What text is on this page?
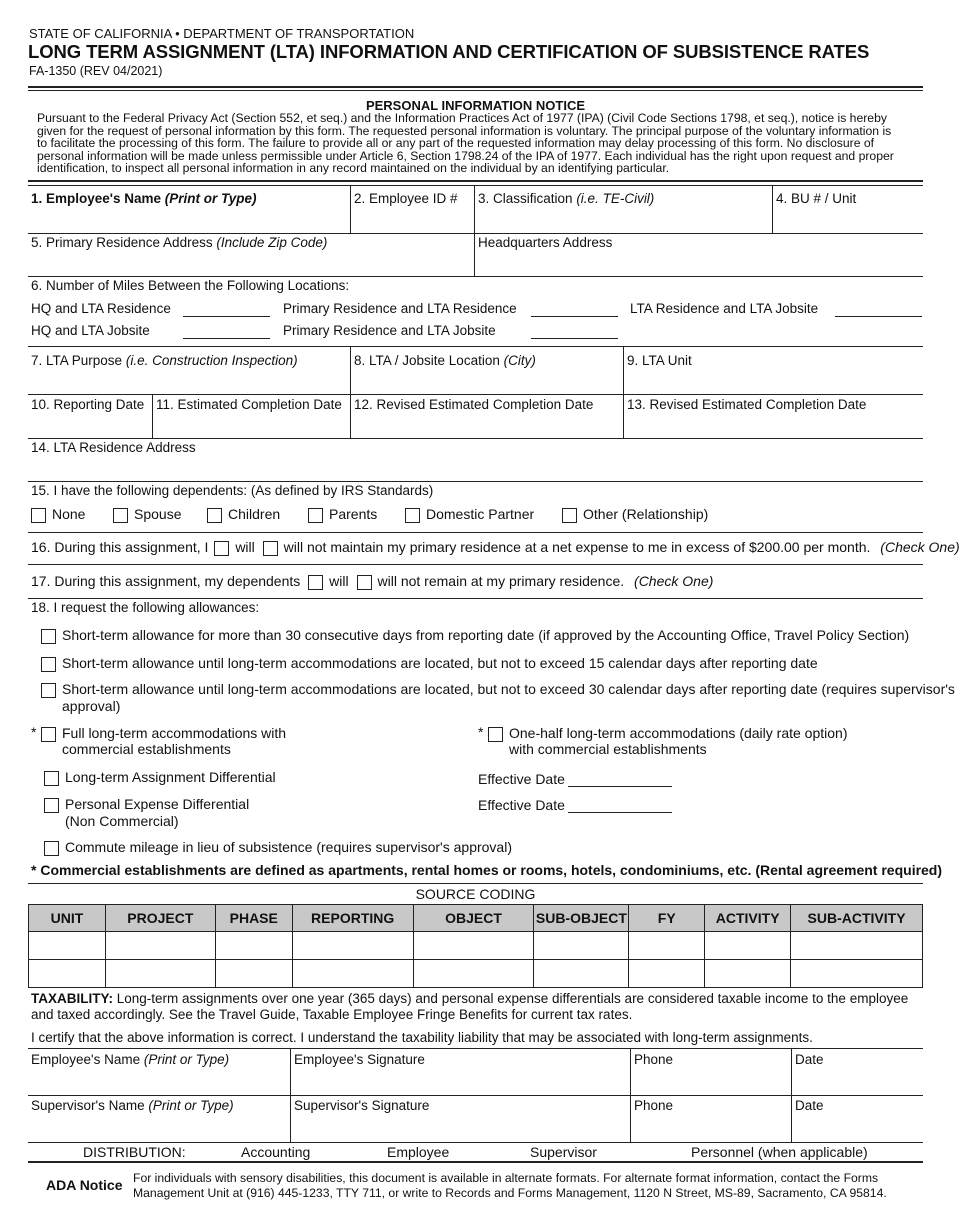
STATE OF CALIFORNIA • DEPARTMENT OF TRANSPORTATION
LONG TERM ASSIGNMENT (LTA) INFORMATION AND CERTIFICATION OF SUBSISTENCE RATES
FA-1350 (REV 04/2021)
PERSONAL INFORMATION NOTICE
Pursuant to the Federal Privacy Act (Section 552, et seq.) and the Information Practices Act of 1977 (IPA) (Civil Code Sections 1798, et seq.), notice is hereby
given for the request of personal information by this form. The requested personal information is voluntary. The principal purpose of the voluntary information is
to facilitate the processing of this form. The failure to provide all or any part of the requested information may delay processing of this form. No disclosure of
personal information will be made unless permissible under Article 6, Section 1798.24 of the IPA of 1977. Each individual has the right upon request and proper
identification, to inspect all personal information in any record maintained on the individual by an identifying particular.
1. Employee's Name (Print or Type)	2. Employee ID # 3. Classification (i.e. TE-Civil)	4. BU # / Unit
5. Primary Residence Address (Include Zip Code)	Headquarters Address
6. Number of Miles Between the Following Locations:
HQ and LTA Residence	Primary Residence and LTA Residence	LTA Residence and LTA Jobsite
HQ and LTA Jobsite	Primary Residence and LTA Jobsite
7. LTA Purpose (i.e. Construction Inspection)	8. LTA / Jobsite Location (City)	9. LTA Unit
10. Reporting Date 11. Estimated Completion Date 12. Revised Estimated Completion Date 13. Revised Estimated Completion Date
14. LTA Residence Address
15. I have the following dependents: (As defined by IRS Standards)
None	Spouse	Children	Parents	Domestic Partner	Other (Relationship)
16. During this assignment, I will will not maintain my primary residence at a net expense to me in excess of $200.00 per month. (Check One)
17. During this assignment, my dependents will will not remain at my primary residence. (Check One)
18. I request the following allowances:
Short-term allowance for more than 30 consecutive days from reporting date (if approved by the Accounting Office, Travel Policy Section)
Short-term allowance until long-term accommodations are located, but not to exceed 15 calendar days after reporting date
Short-term allowance until long-term accommodations are located, but not to exceed 30 calendar days after reporting date (requires supervisor's
approval)
*	Full long-term accommodations with
commercial establishments
*	One-half long-term accommodations (daily rate option)
with commercial establishments
Long-term Assignment Differential	Effective Date
Personal Expense Differential
(Non Commercial)
Effective Date
Commute mileage in lieu of subsistence (requires supervisor's approval)
* Commercial establishments are defined as apartments, rental homes or rooms, hotels, condominiums, etc. (Rental agreement required)
SOURCE CODING
UNIT	PROJECT	PHASE	REPORTING	OBJECT	SUB-OBJECT	FY	ACTIVITY	SUB-ACTIVITY

TAXABILITY: Long-term assignments over one year (365 days) and personal expense differentials are considered taxable income to the employee
and taxed accordingly. See the Travel Guide, Taxable Employee Fringe Benefits for current tax rates.
I certify that the above information is correct. I understand the taxability liability that may be associated with long-term assignments.
Employee's Name (Print or Type)	Employee's Signature	Phone	Date
Supervisor's Name (Print or Type)	Supervisor's Signature	Phone	Date
DISTRIBUTION:	Accounting	Employee	Supervisor	Personnel (when applicable)
ADA Notice For individuals with sensory disabilities, this document is available in alternate formats. For alternate format information, contact the Forms
Management Unit at (916) 445-1233, TTY 711, or write to Records and Forms Management, 1120 N Street, MS-89, Sacramento, CA 95814.
